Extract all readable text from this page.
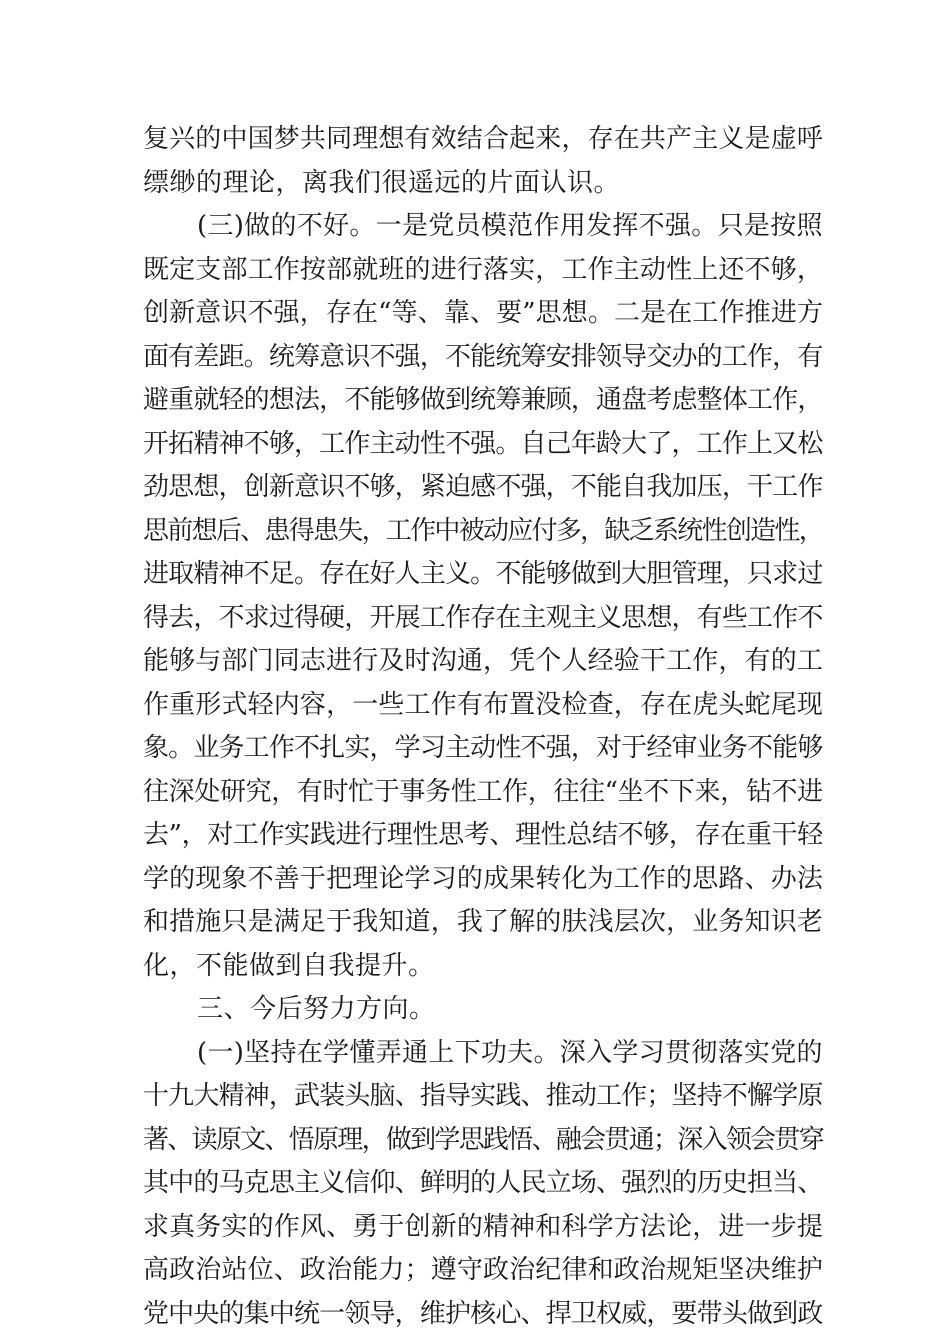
复兴的中国梦共同理想有效结合起来，存在共产主义是虚呼
缥缈的理论，离我们很遥远的片面认识。
(三)做的不好。一是党员模范作用发挥不强。只是按照
既定支部工作按部就班的进行落实，工作主动性上还不够，
创新意识不强，存在“等、靠、要”思想。二是在工作推进方
面有差距。统筹意识不强，不能统筹安排领导交办的工作，有
避重就轻的想法，不能够做到统筹兼顾，通盘考虑整体工作，
开拓精神不够，工作主动性不强。自己年龄大了，工作上又松
劲思想，创新意识不够，紧迫感不强，不能自我加压，干工作
思前想后、患得患失，工作中被动应付多，缺乏系统性创造性，
进取精神不足。存在好人主义。不能够做到大胆管理，只求过
得去，不求过得硬，开展工作存在主观主义思想，有些工作不
能够与部门同志进行及时沟通，凭个人经验干工作，有的工
作重形式轻内容，一些工作有布置没检查，存在虎头蛇尾现
象。业务工作不扎实，学习主动性不强，对于经审业务不能够
往深处研究，有时忙于事务性工作，往往“坐不下来，钻不进
去”，对工作实践进行理性思考、理性总结不够，存在重干轻
学的现象不善于把理论学习的成果转化为工作的思路、办法
和措施只是满足于我知道，我了解的肤浅层次，业务知识老
化，不能做到自我提升。
三、今后努力方向。
(一)坚持在学懂弄通上下功夫。深入学习贯彻落实党的
十九大精神，武装头脑、指导实践、推动工作；坚持不懈学原
著、读原文、悟原理，做到学思践悟、融会贯通；深入领会贯穿
其中的马克思主义信仰、鲜明的人民立场、强烈的历史担当、
求真务实的作风、勇于创新的精神和科学方法论，进一步提
高政治站位、政治能力；遵守政治纪律和政治规矩坚决维护
党中央的集中统一领导，维护核心、捍卫权威，要带头做到政
